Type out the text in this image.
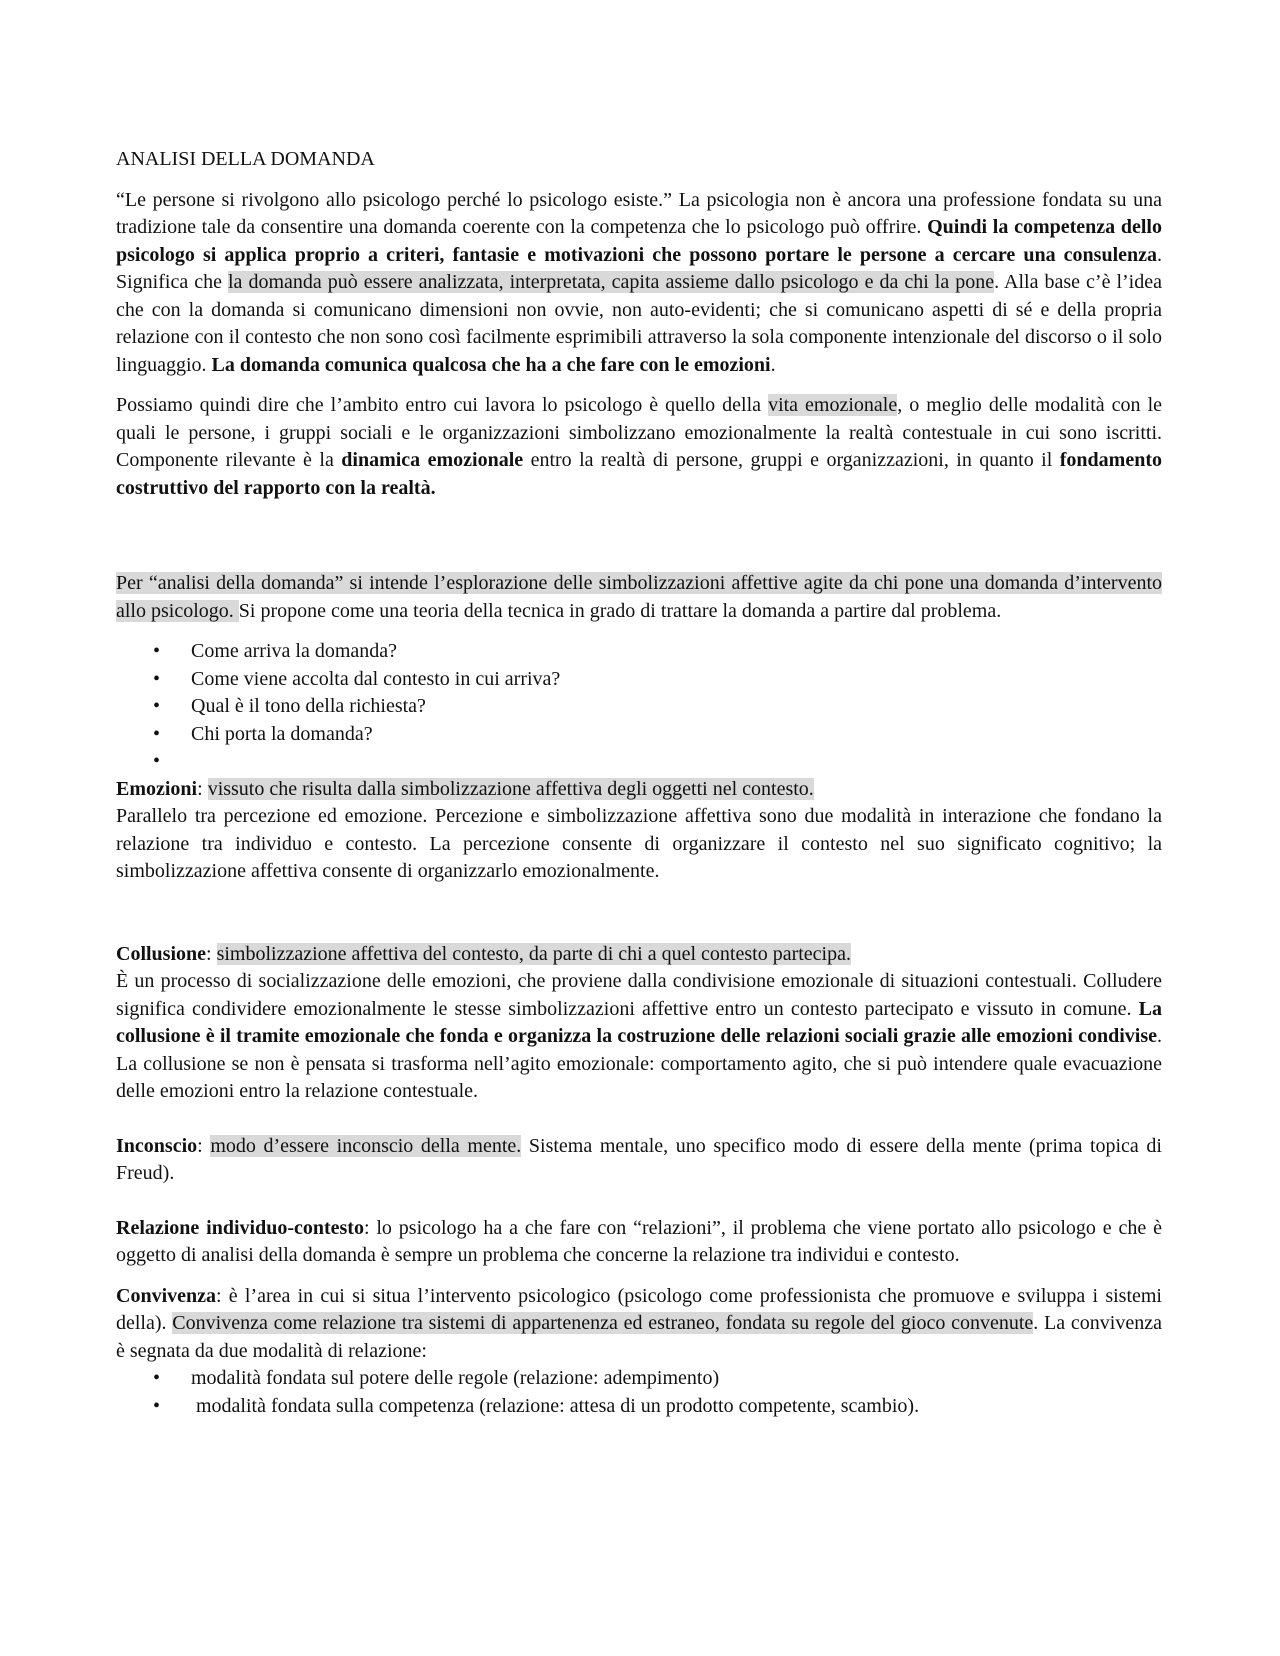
ANALISI DELLA DOMANDA

“Le persone si rivolgono allo psicologo perché lo psicologo esiste.” La psicologia non è ancora una professione fondata su una tradizione tale da consentire una domanda coerente con la competenza che lo psicologo può offrire. Quindi la competenza dello psicologo si applica proprio a criteri, fantasie e motivazioni che possono portare le persone a cercare una consulenza. Significa che la domanda può essere analizzata, interpretata, capita assieme dallo psicologo e da chi la pone. Alla base c’è l’idea che con la domanda si comunicano dimensioni non ovvie, non auto-evidenti; che si comunicano aspetti di sé e della propria relazione con il contesto che non sono così facilmente esprimibili attraverso la sola componente intenzionale del discorso o il solo linguaggio. La domanda comunica qualcosa che ha a che fare con le emozioni.

Possiamo quindi dire che l’ambito entro cui lavora lo psicologo è quello della vita emozionale, o meglio delle modalità con le quali le persone, i gruppi sociali e le organizzazioni simbolizzano emozionalmente la realtà contestuale in cui sono iscritti. Componente rilevante è la dinamica emozionale entro la realtà di persone, gruppi e organizzazioni, in quanto il fondamento costruttivo del rapporto con la realtà.

Per “analisi della domanda” si intende l’esplorazione delle simbolizzazioni affettive agite da chi pone una domanda d’intervento allo psicologo. Si propone come una teoria della tecnica in grado di trattare la domanda a partire dal problema.

• Come arriva la domanda?
• Come viene accolta dal contesto in cui arriva?
• Qual è il tono della richiesta?
• Chi porta la domanda?
•

Emozioni: vissuto che risulta dalla simbolizzazione affettiva degli oggetti nel contesto.

Parallelo tra percezione ed emozione. Percezione e simbolizzazione affettiva sono due modalità in interazione che fondano la relazione tra individuo e contesto. La percezione consente di organizzare il contesto nel suo significato cognitivo; la simbolizzazione affettiva consente di organizzarlo emozionalmente.

Collusione: simbolizzazione affettiva del contesto, da parte di chi a quel contesto partecipa.

È un processo di socializzazione delle emozioni, che proviene dalla condivisione emozionale di situazioni contestuali. Colludere significa condividere emozionalmente le stesse simbolizzazioni affettive entro un contesto partecipato e vissuto in comune. La collusione è il tramite emozionale che fonda e organizza la costruzione delle relazioni sociali grazie alle emozioni condivise. La collusione se non è pensata si trasforma nell’agito emozionale: comportamento agito, che si può intendere quale evacuazione delle emozioni entro la relazione contestuale.

Inconscio: modo d’essere inconscio della mente. Sistema mentale, uno specifico modo di essere della mente (prima topica di Freud).

Relazione individuo-contesto: lo psicologo ha a che fare con “relazioni”, il problema che viene portato allo psicologo e che è oggetto di analisi della domanda è sempre un problema che concerne la relazione tra individui e contesto.

Convivenza: è l’area in cui si situa l’intervento psicologico (psicologo come professionista che promuove e sviluppa i sistemi della). Convivenza come relazione tra sistemi di appartenenza ed estraneo, fondata su regole del gioco convenute. La convivenza è segnata da due modalità di relazione:

• modalità fondata sul potere delle regole (relazione: adempimento)
• modalità fondata sulla competenza (relazione: attesa di un prodotto competente, scambio).
